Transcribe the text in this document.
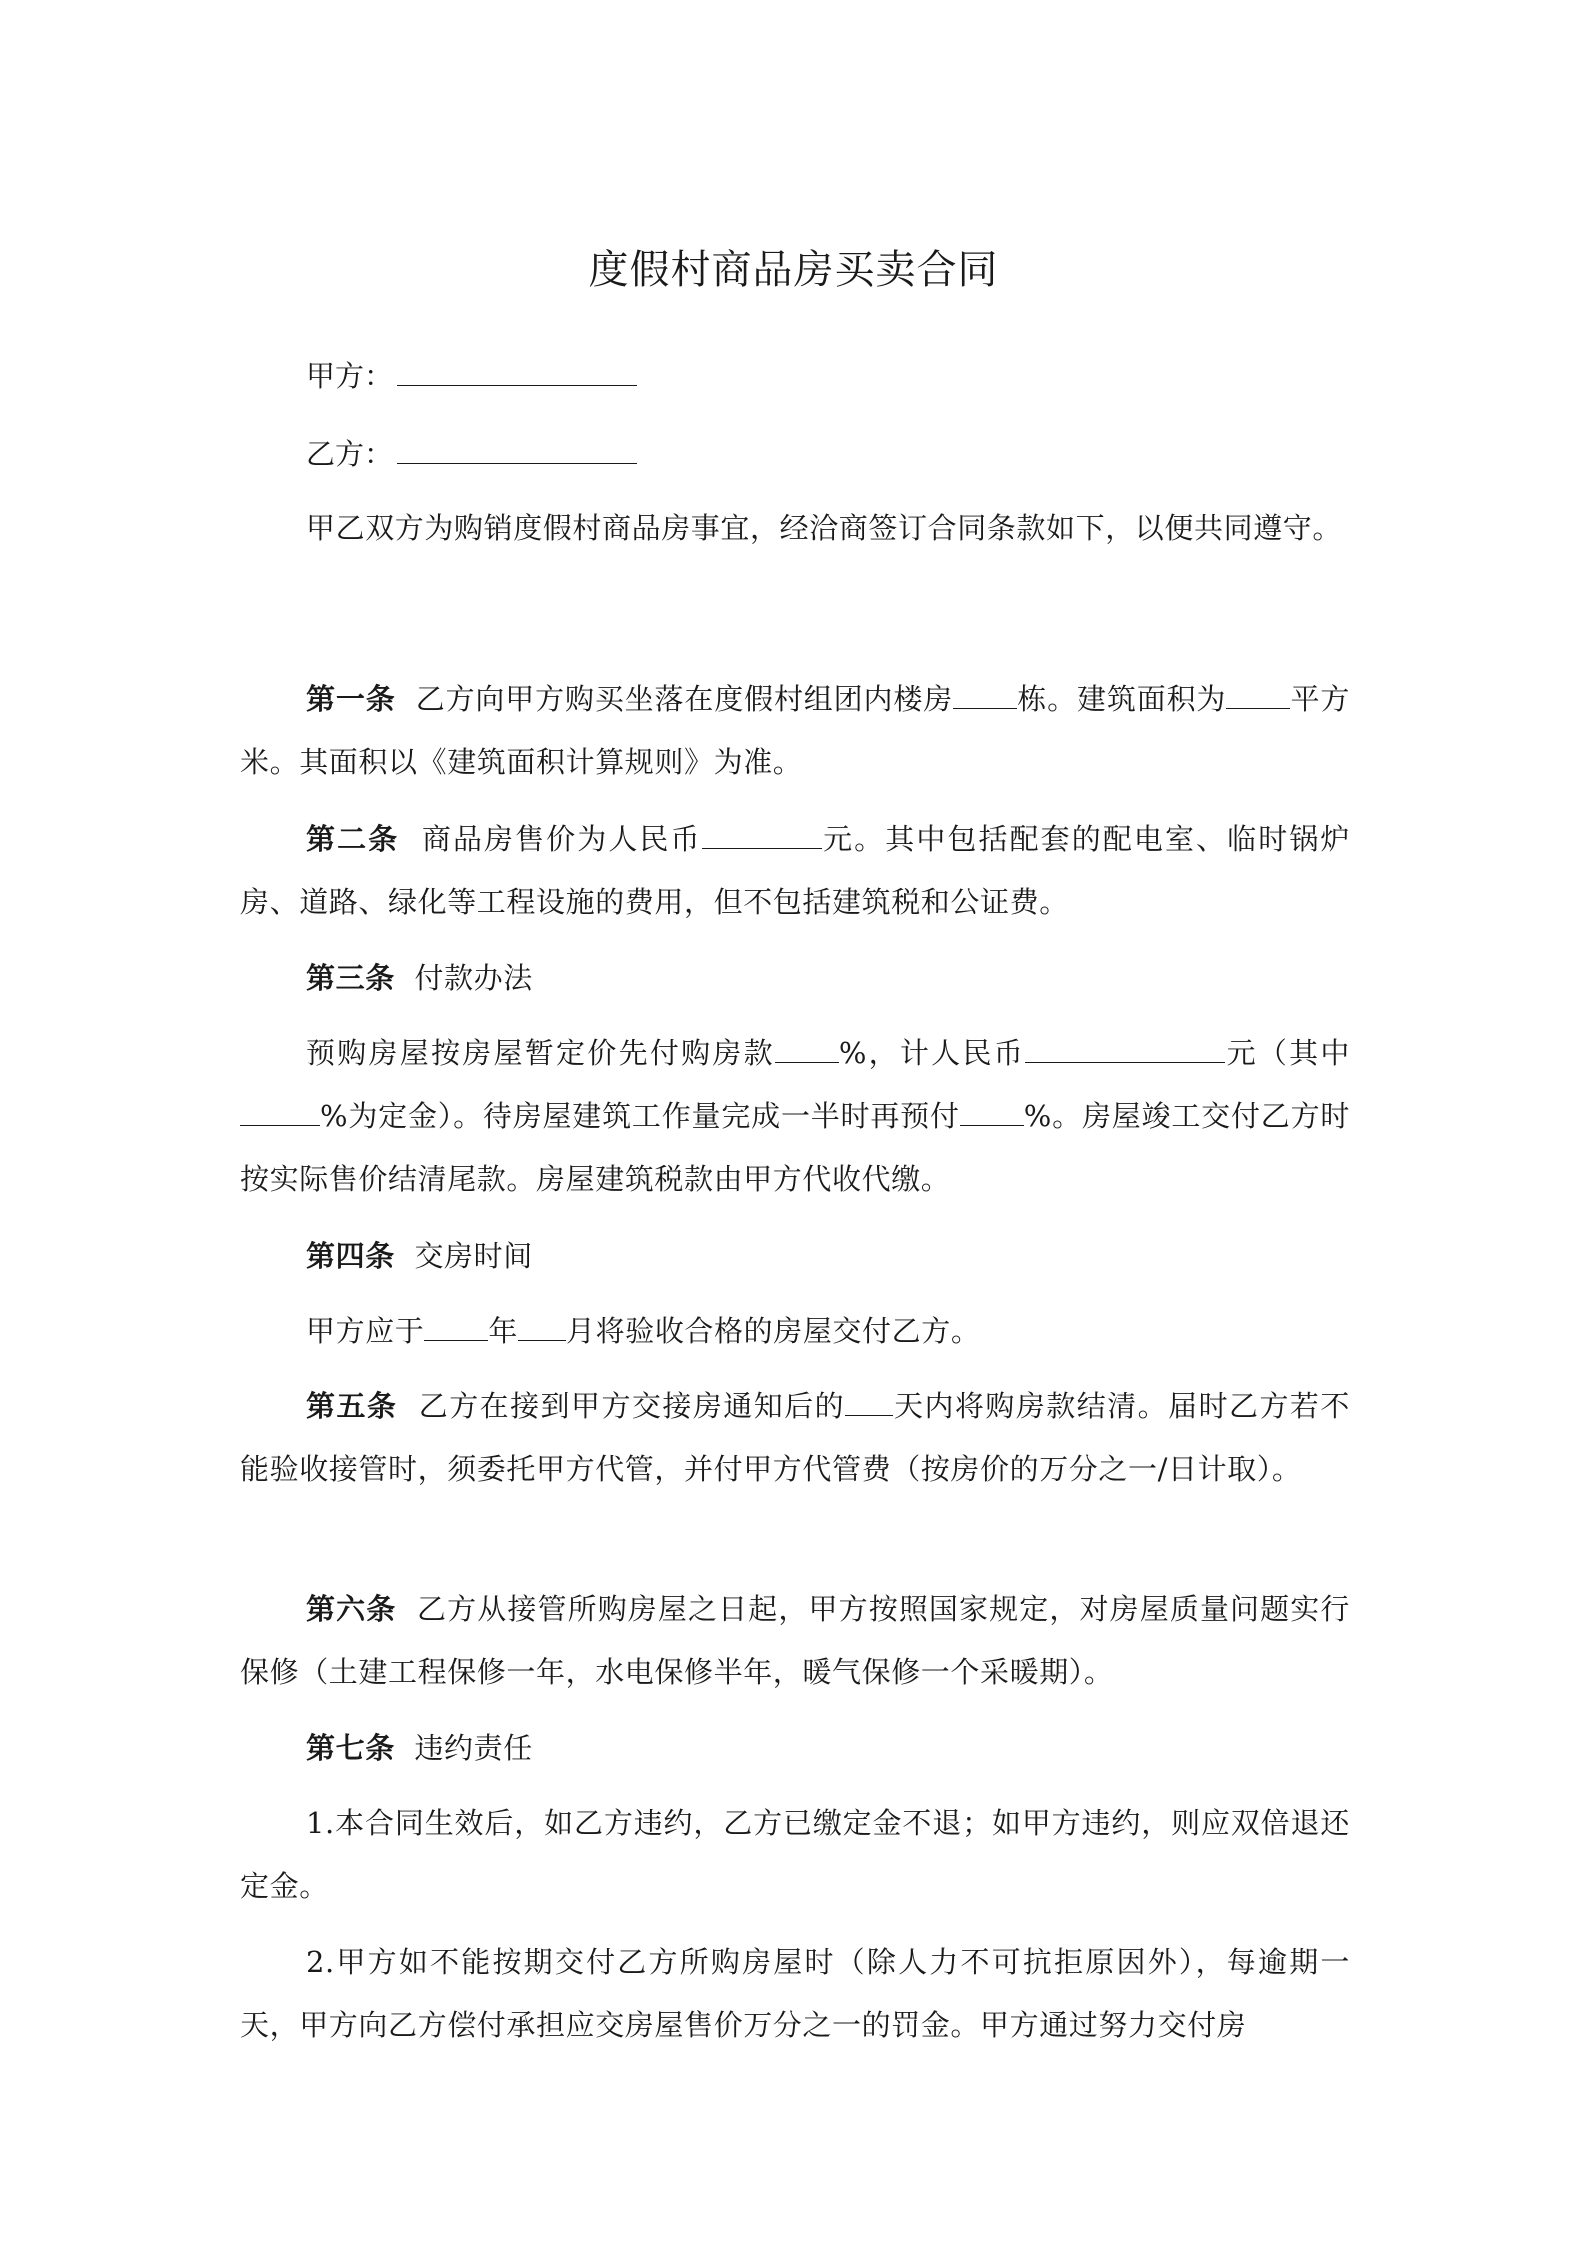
度假村商品房买卖合同
甲方：
乙方：
甲乙双方为购销度假村商品房事宜，经洽商签订合同条款如下，以便共同遵守。
第一条 乙方向甲方购买坐落在度假村组团内楼房 栋。建筑面积为 平方米。其面积以《建筑面积计算规则》为准。
第二条 商品房售价为人民币	元。其中包括配套的配电室、临时锅炉房、道路、绿化等工程设施的费用，但不包括建筑税和公证费。
第三条 付款办法
预购房屋按房屋暂定价先付购房款 %，计人民币	元（其中%为定金）。待房屋建筑工作量完成一半时再预付 %。房屋竣工交付乙方时按实际售价结清尾款。房屋建筑税款由甲方代收代缴。
第四条 交房时间
甲方应于 年 月将验收合格的房屋交付乙方。
第五条 乙方在接到甲方交接房通知后的 天内将购房款结清。届时乙方若不能验收接管时，须委托甲方代管，并付甲方代管费（按房价的万分之一/日计取）。
第六条 乙方从接管所购房屋之日起，甲方按照国家规定，对房屋质量问题实行保修（土建工程保修一年，水电保修半年，暖气保修一个采暖期）。
第七条 违约责任
1.本合同生效后，如乙方违约，乙方已缴定金不退；如甲方违约，则应双倍退还定金。
2.甲方如不能按期交付乙方所购房屋时（除人力不可抗拒原因外），每逾期一天，甲方向乙方偿付承担应交房屋售价万分之一的罚金。甲方通过努力交付房
